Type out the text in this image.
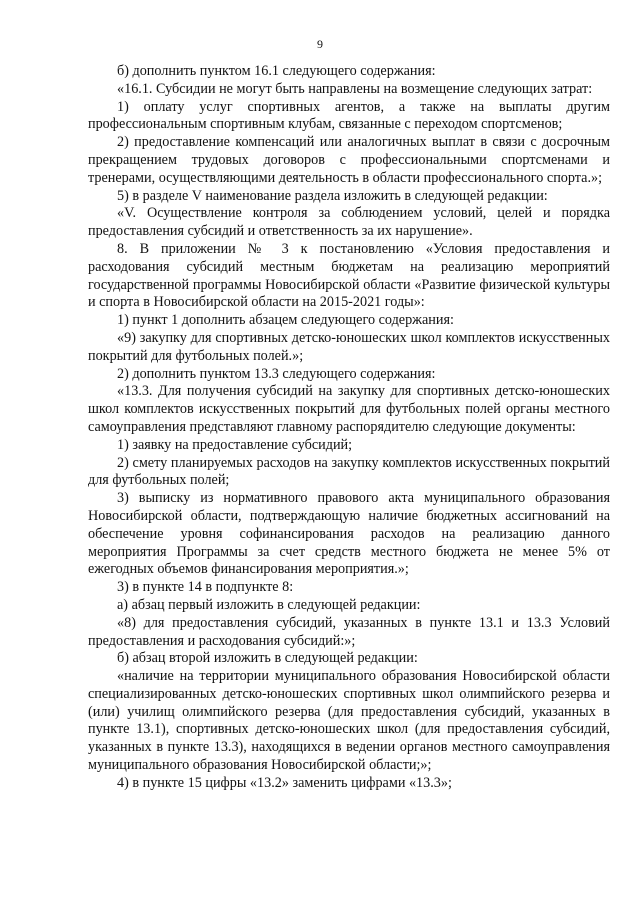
9

б) дополнить пунктом 16.1 следующего содержания:

«16.1. Субсидии не могут быть направлены на возмещение следующих затрат:

1) оплату услуг спортивных агентов, а также на выплаты другим профессиональным спортивным клубам, связанные с переходом спортсменов;

2) предоставление компенсаций или аналогичных выплат в связи с досрочным прекращением трудовых договоров с профессиональными спортсменами и тренерами, осуществляющими деятельность в области профессионального спорта.»;

5) в разделе V наименование раздела изложить в следующей редакции:

«V. Осуществление контроля за соблюдением условий, целей и порядка предоставления субсидий и ответственность за их нарушение».

8. В приложении № 3 к постановлению «Условия предоставления и расходования субсидий местным бюджетам на реализацию мероприятий государственной программы Новосибирской области «Развитие физической культуры и спорта в Новосибирской области на 2015-2021 годы»:

1) пункт 1 дополнить абзацем следующего содержания:

«9) закупку для спортивных детско-юношеских школ комплектов искусственных покрытий для футбольных полей.»;

2) дополнить пунктом 13.3 следующего содержания:

«13.3. Для получения субсидий на закупку для спортивных детско-юношеских школ комплектов искусственных покрытий для футбольных полей органы местного самоуправления представляют главному распорядителю следующие документы:

1) заявку на предоставление субсидий;

2) смету планируемых расходов на закупку комплектов искусственных покрытий для футбольных полей;

3) выписку из нормативного правового акта муниципального образования Новосибирской области, подтверждающую наличие бюджетных ассигнований на обеспечение уровня софинансирования расходов на реализацию данного мероприятия Программы за счет средств местного бюджета не менее 5% от ежегодных объемов финансирования мероприятия.»;

3) в пункте 14 в подпункте 8:

а) абзац первый изложить в следующей редакции:

«8) для предоставления субсидий, указанных в пункте 13.1 и 13.3 Условий предоставления и расходования субсидий:»;

б) абзац второй изложить в следующей редакции:

«наличие на территории муниципального образования Новосибирской области специализированных детско-юношеских спортивных школ олимпийского резерва и (или) училищ олимпийского резерва (для предоставления субсидий, указанных в пункте 13.1), спортивных детско-юношеских школ (для предоставления субсидий, указанных в пункте 13.3), находящихся в ведении органов местного самоуправления муниципального образования Новосибирской области;»;

4) в пункте 15 цифры «13.2» заменить цифрами «13.3»;
